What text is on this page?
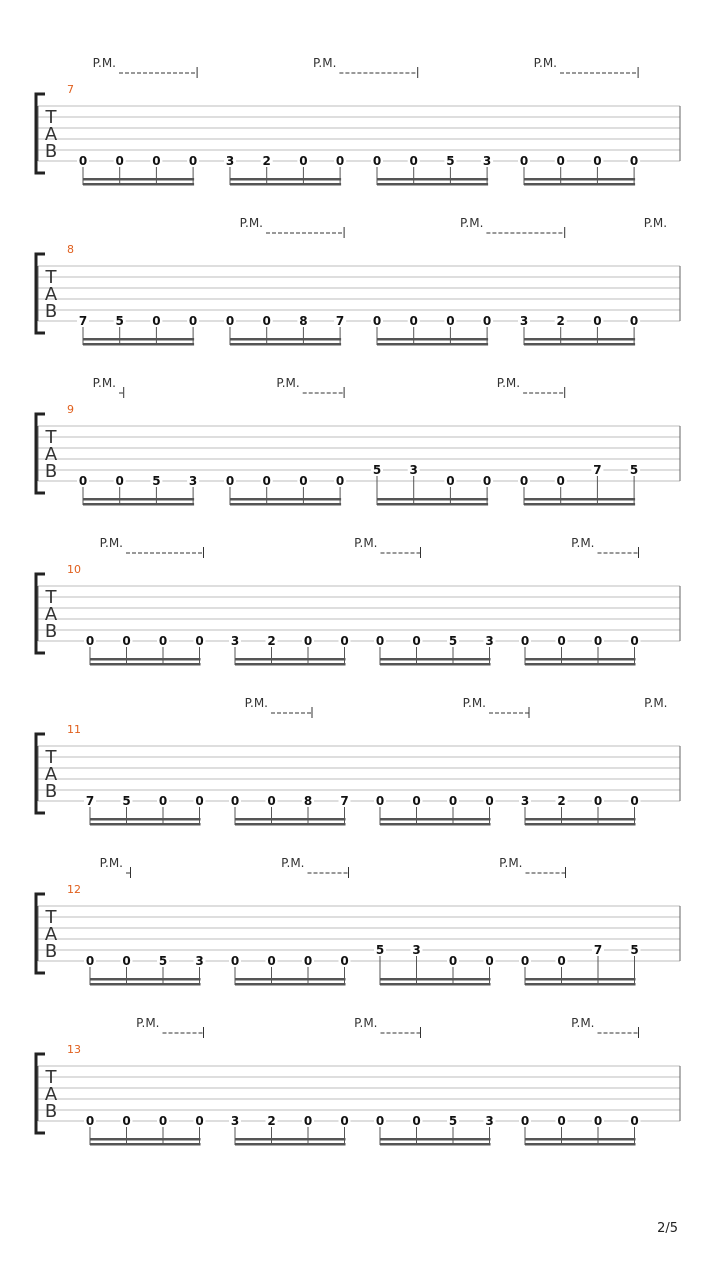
T
A
B
7
P.M.	P.M.	P.M.
0 0 0 0 3 2 0 0 0 0 5 3 0 0 0 0
T
A
B
8
P.M.	P.M.	P.M.
7 5 0 0 0 0 8 7 0 0 0 0 3 2 0 0
T
A
B
9
P.M.	P.M.	P.M.
0 0 5 3 0 0 0 0
5 3
0 0 0 0
7 5
T
A
B
10
P.M.	P.M.	P.M.
0 0 0 0 3 2 0 0 0 0 5 3 0 0 0 0
T
A
B
11
P.M.	P.M.	P.M.
7 5 0 0 0 0 8 7 0 0 0 0 3 2 0 0
T
A
B
12
P.M.	P.M.	P.M.
0 0 5 3 0 0 0 0
5 3
0 0 0 0
7 5
T
A
B
13
P.M.	P.M.	P.M.
0 0 0 0 3 2 0 0 0 0 5 3 0 0 0 0
2/5
